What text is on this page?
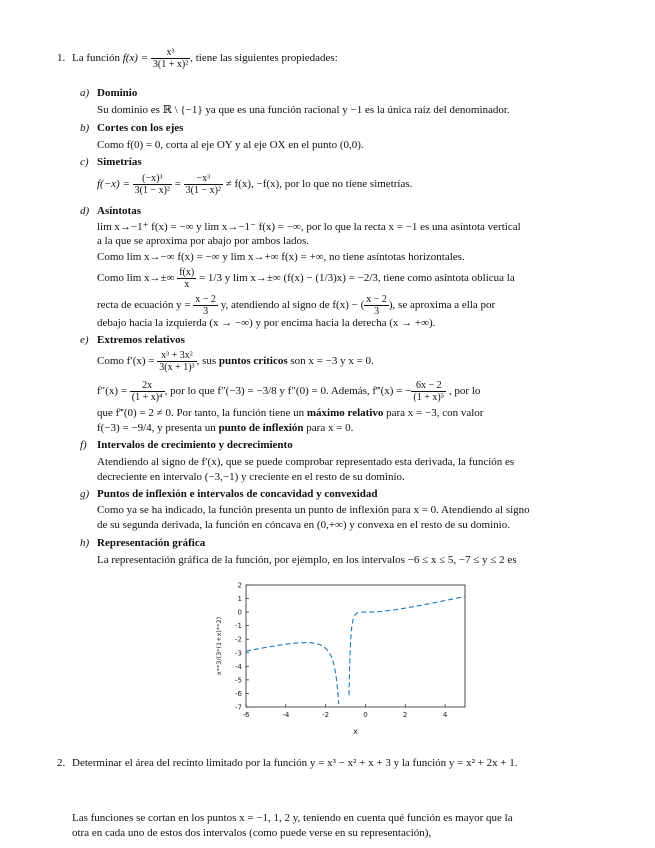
1. La función $f(x) = \frac{\text{x³}}{\text{3(1 + x)²}}$ , tiene las siguientes propiedades:
a) Dominio
Su dominio es ℝ \ {−1} ya que es una función racional y −1 es la única raíz del denominador.
b) Cortes con los ejes
Como f(0) = 0, corta al eje OY y al eje OX en el punto (0,0).
c) Simetrías
$f(-x) = \frac{\text{(−x)³}}{\text{3(1 − x)²}} = \frac{\text{−x³}}{\text{3(1 − x)²}} \ne f(x)$, −f(x), por lo que no tiene simetrías.
d) Asíntotas
lim x→−1⁺ f(x) = −∞ y lim x→−1⁻ f(x) = −∞, por lo que la recta x = −1 es una asíntota vertical
a la que se aproxima por abajo por ambos lados.
Como lim x→−∞ f(x) = −∞ y lim x→+∞ f(x) = +∞, no tiene asíntotas horizontales.
Como $\lim x\to\pm\infty \frac{f(x)}{x} = 1/3$ y lim x→±∞ (f(x) − (1/3)x) = −2/3, tiene como asíntota oblicua la
recta de ecuación $y = \frac{x - 2}{3} y$, atendiendo al signo de f(x) − ( $\frac{x - 2}{3}$ ), se aproxima a ella por
debajo hacia la izquierda (x → −∞) y por encima hacia la derecha (x → +∞).
e) Extremos relativos
Como $f'(x) = \frac{\text{x³ + 3x²}}{\text{3(x + 1)³}}$ , sus puntos críticos son x = −3 y x = 0.
$f''(x) = \frac{2x}{\text{(1 + x)⁴}}$ , por lo que f″(−3) = −3/8 y f″(0) = 0. Además, f‴(x) = − $\frac{6x - 2}{\text{(1 + x)⁵}}$ , por lo
que f‴(0) = 2 ≠ 0. Por tanto, la función tiene un máximo relativo para x = −3, con valor
f(−3) = −9/4, y presenta un punto de inflexión para x = 0.
f) Intervalos de crecimiento y decrecimiento
Atendiendo al signo de f′(x), que se puede comprobar representado esta derivada, la función es
decreciente en intervalo (−3,−1) y creciente en el resto de su dominio.
g) Puntos de inflexión e intervalos de concavidad y convexidad
Como ya se ha indicado, la función presenta un punto de inflexión para x = 0. Atendiendo al signo
de su segunda derivada, la función en cóncava en (0,+∞) y convexa en el resto de su dominio.
h) Representación gráfica
La representación gráfica de la función, por ejemplo, en los intervalos −6 ≤ x ≤ 5, −7 ≤ y ≤ 2 es
-6	-4	-2	0	2	4
2
1
0
-1
-2
-3
-4
-5
-6
-7
x
x**3/(3*(1+x)**2)
2. Determinar el área del recinto limitado por la función y = x³ − x² + x + 3 y la función y = x² + 2x + 1.
Las funciones se cortan en los puntos x = −1, 1, 2 y, teniendo en cuenta qué función es mayor que la
otra en cada uno de estos dos intervalos (como puede verse en su representación),
